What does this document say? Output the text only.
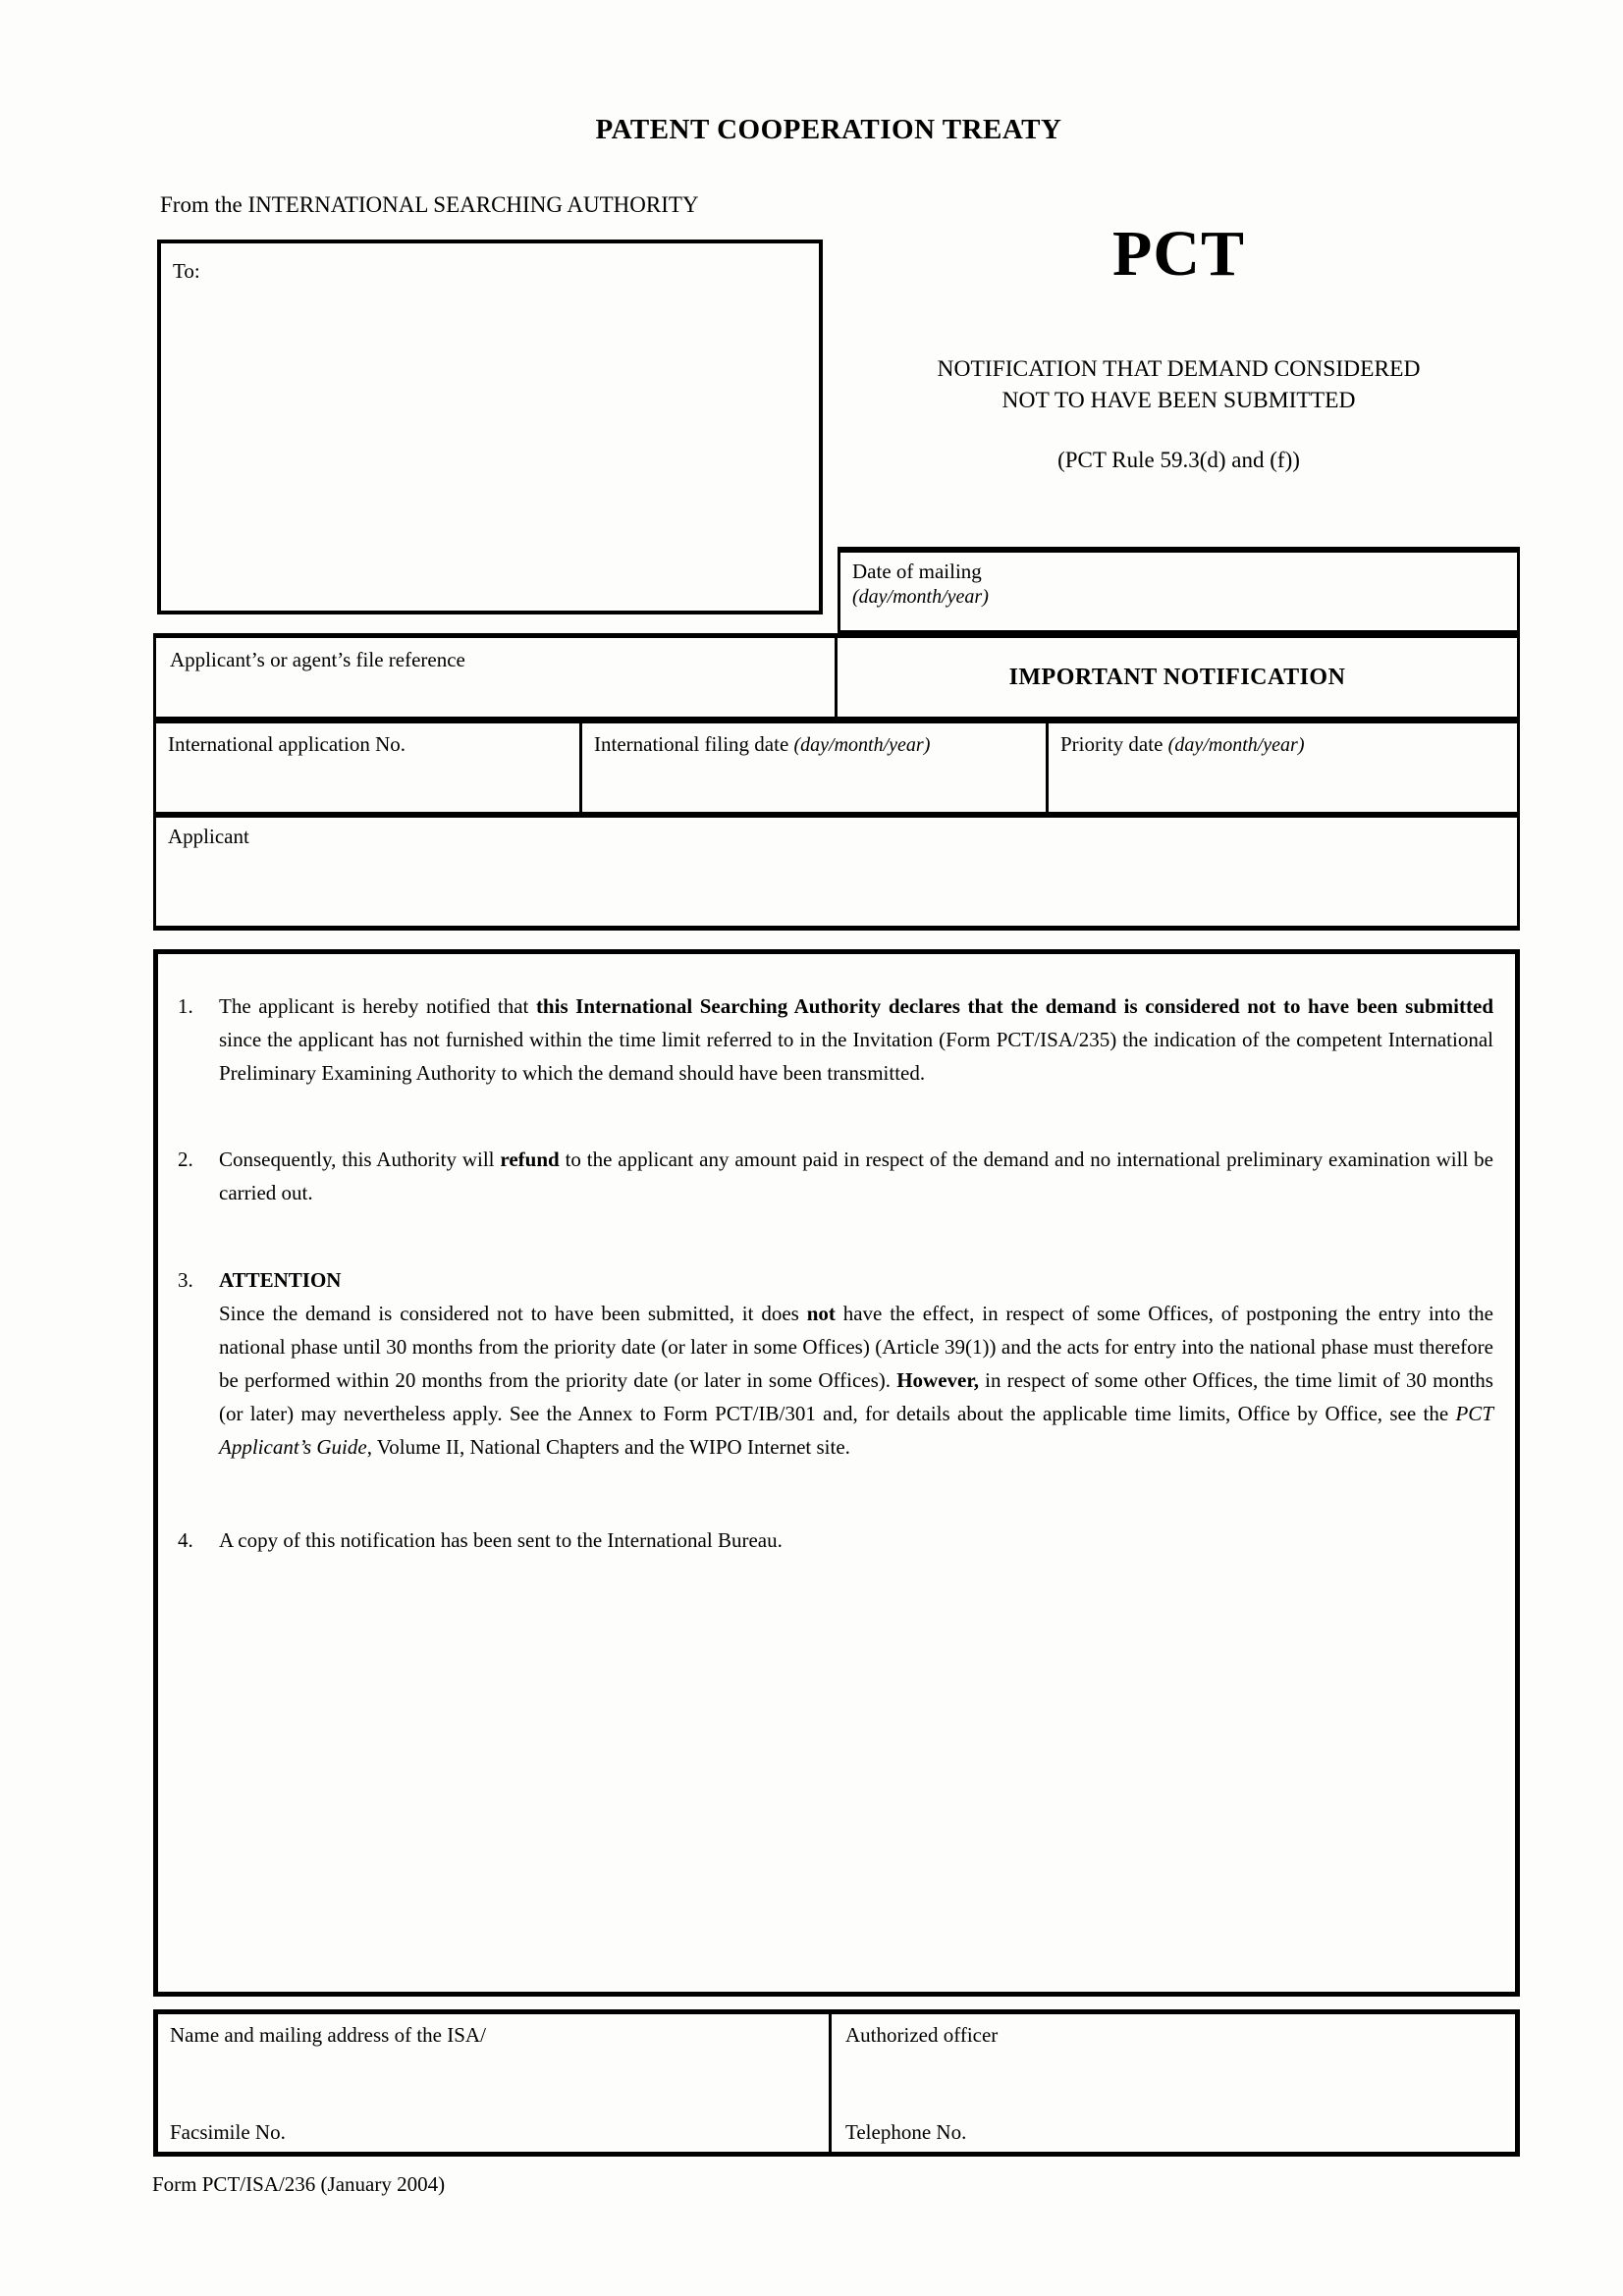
PATENT COOPERATION TREATY
From the INTERNATIONAL SEARCHING AUTHORITY
To:	PCT
NOTIFICATION THAT DEMAND CONSIDERED
NOT TO HAVE BEEN SUBMITTED
(PCT Rule 59.3(d) and (f))
Date of mailing
(day/month/year)
Applicant’s or agent’s file reference
IMPORTANT NOTIFICATION
International application No.	International filing date (day/month/year)	Priority date (day/month/year)
Applicant
1.	The applicant is hereby notified that this International Searching Authority declares that the demand is considered not to have been submitted since the applicant has not furnished within the time limit referred to in the Invitation (Form PCT/ISA/235) the indication of the competent International Preliminary Examining Authority to which the demand should have been transmitted.
2.	Consequently, this Authority will refund to the applicant any amount paid in respect of the demand and no international preliminary examination will be carried out.
3.	ATTENTION
Since the demand is considered not to have been submitted, it does not have the effect, in respect of some Offices, of postponing the entry into the national phase until 30 months from the priority date (or later in some Offices) (Article 39(1)) and the acts for entry into the national phase must therefore be performed within 20 months from the priority date (or later in some Offices). However, in respect of some other Offices, the time limit of 30 months (or later) may nevertheless apply. See the Annex to Form PCT/IB/301 and, for details about the applicable time limits, Office by Office, see the PCT Applicant’s Guide, Volume II, National Chapters and the WIPO Internet site.
4.	A copy of this notification has been sent to the International Bureau.
Name and mailing address of the ISA/
Facsimile No.
Authorized officer
Telephone No.
Form PCT/ISA/236 (January 2004)
